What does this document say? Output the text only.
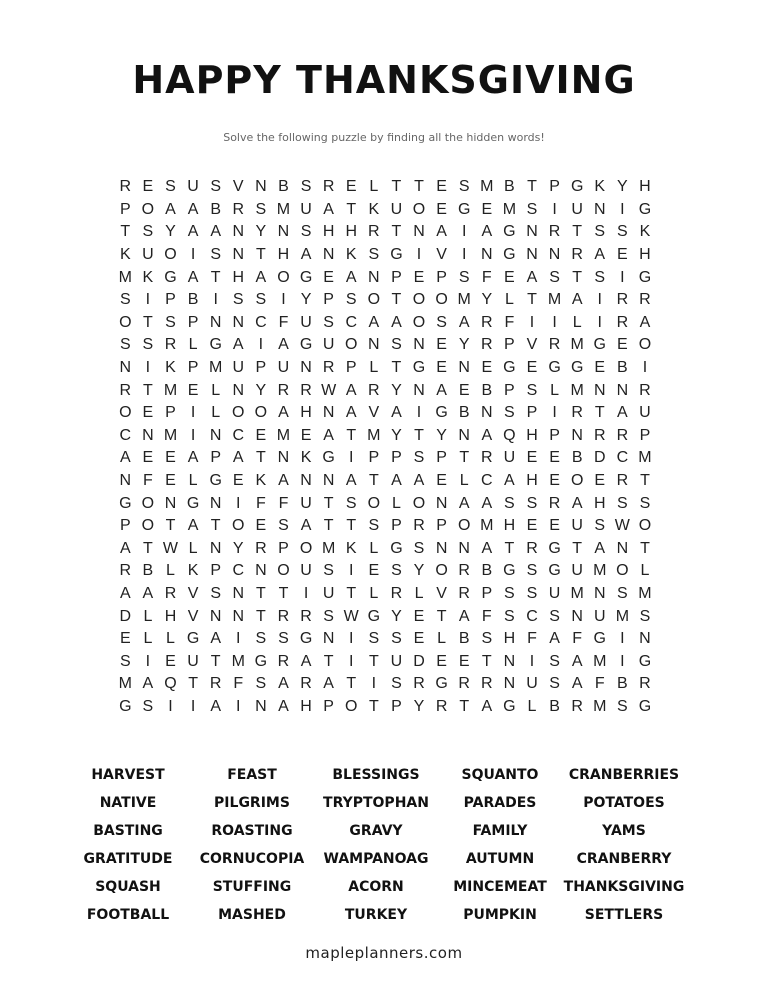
HAPPY THANKSGIVING
Solve the following puzzle by finding all the hidden words!
R E S U S V N B S R E L T T E S M B T P G K Y H
P O A A B R S M U A T K U O E G E M S I U N I G
T S Y A A N Y N S H H R T N A I A G N R T S S K
K U O I S N T H A N K S G I V I N G N N R A E H
M K G A T H A O G E A N P E P S F E A S T S I G
S I P B I S S I Y P S O T O O M Y L T M A I R R
O T S P N N C F U S C A A O S A R F I	I L I R A
S S R L G A I A G U O N S N E Y R P V R M G E O
N I K P M U P U N R P L T G E N E G E G G E B I
R T M E L N Y R R W A R Y N A E B P S L M N N R
O E P I L O O A H N A V A I G B N S P I R T A U
C N M I N C E M E A T M Y T Y N A Q H P N R R P
A E E A P A T N K G I P P S P T R U E E B D C M
N F E L G E K A N N A T A A E L C A H E O E R T
G O N G N I F F U T S O L O N A A S S R A H S S
P O T A T O E S A T T S P R P O M H E E U S W O
A T W L N Y R P O M K L G S N N A T R G T A N T
R B L K P C N O U S I E S Y O R B G S G U M O L
A A R V S N T T I U T L R L V R P S S U M N S M
D L H V N N T R R S W G Y E T A F S C S N U M S
E L L G A I S S G N I S S E L B S H F A F G I N
S I E U T M G R A T I T U D E E T N I S A M I G
M A Q T R F S A R A T I S R G R R N U S A F B R
G S I	I A I N A H P O T P Y R T A G L B R M S G
HARVEST	FEAST	BLESSINGS	SQUANTO	CRANBERRIES
NATIVE	PILGRIMS	TRYPTOPHAN	PARADES	POTATOES
BASTING	ROASTING	GRAVY	FAMILY	YAMS
GRATITUDE	CORNUCOPIA	WAMPANOAG	AUTUMN	CRANBERRY
SQUASH	STUFFING	ACORN	MINCEMEAT	THANKSGIVING
FOOTBALL	MASHED	TURKEY	PUMPKIN	SETTLERS
mapleplanners.com
